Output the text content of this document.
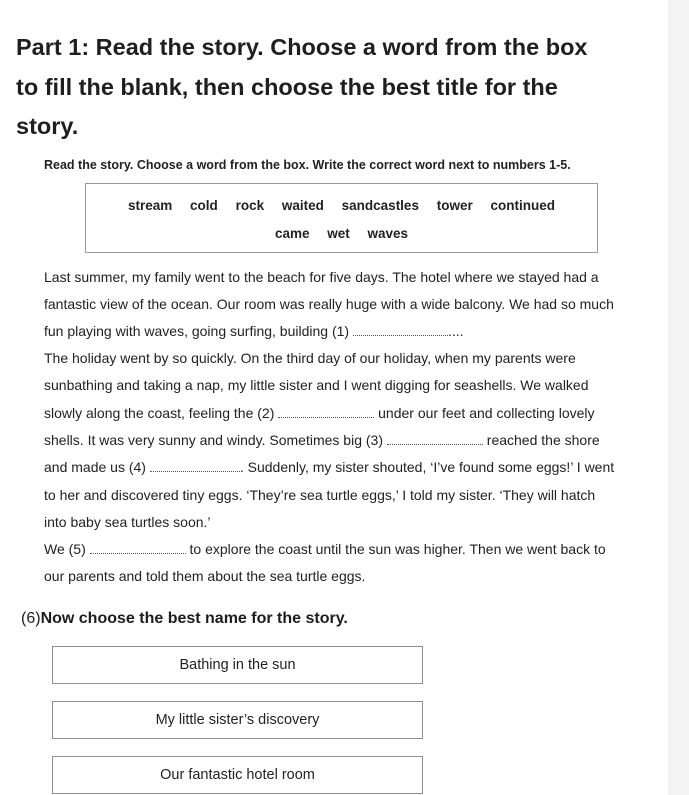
Part 1: Read the story. Choose a word from the box
to fill the blank, then choose the best title for the
story.
Read the story. Choose a word from the box. Write the correct word next to numbers 1-5.
stream cold rock waited sandcastles tower continued
came wet waves
Last summer, my family went to the beach for five days. The hotel where we stayed had a
fantastic view of the ocean. Our room was really huge with a wide balcony. We had so much
fun playing with waves, going surfing, building (1)	....
The holiday went by so quickly. On the third day of our holiday, when my parents were
sunbathing and taking a nap, my little sister and I went digging for seashells. We walked
slowly along the coast, feeling the (2)	under our feet and collecting lovely
shells. It was very sunny and windy. Sometimes big (3)	reached the shore
and made us (4)	. Suddenly, my sister shouted, ‘I’ve found some eggs!’ I went
to her and discovered tiny eggs. ‘They’re sea turtle eggs,’ I told my sister. ‘They will hatch
into baby sea turtles soon.’
We (5)	to explore the coast until the sun was higher. Then we went back to
our parents and told them about the sea turtle eggs.
(6)Now choose the best name for the story.
Bathing in the sun
My little sister’s discovery
Our fantastic hotel room
